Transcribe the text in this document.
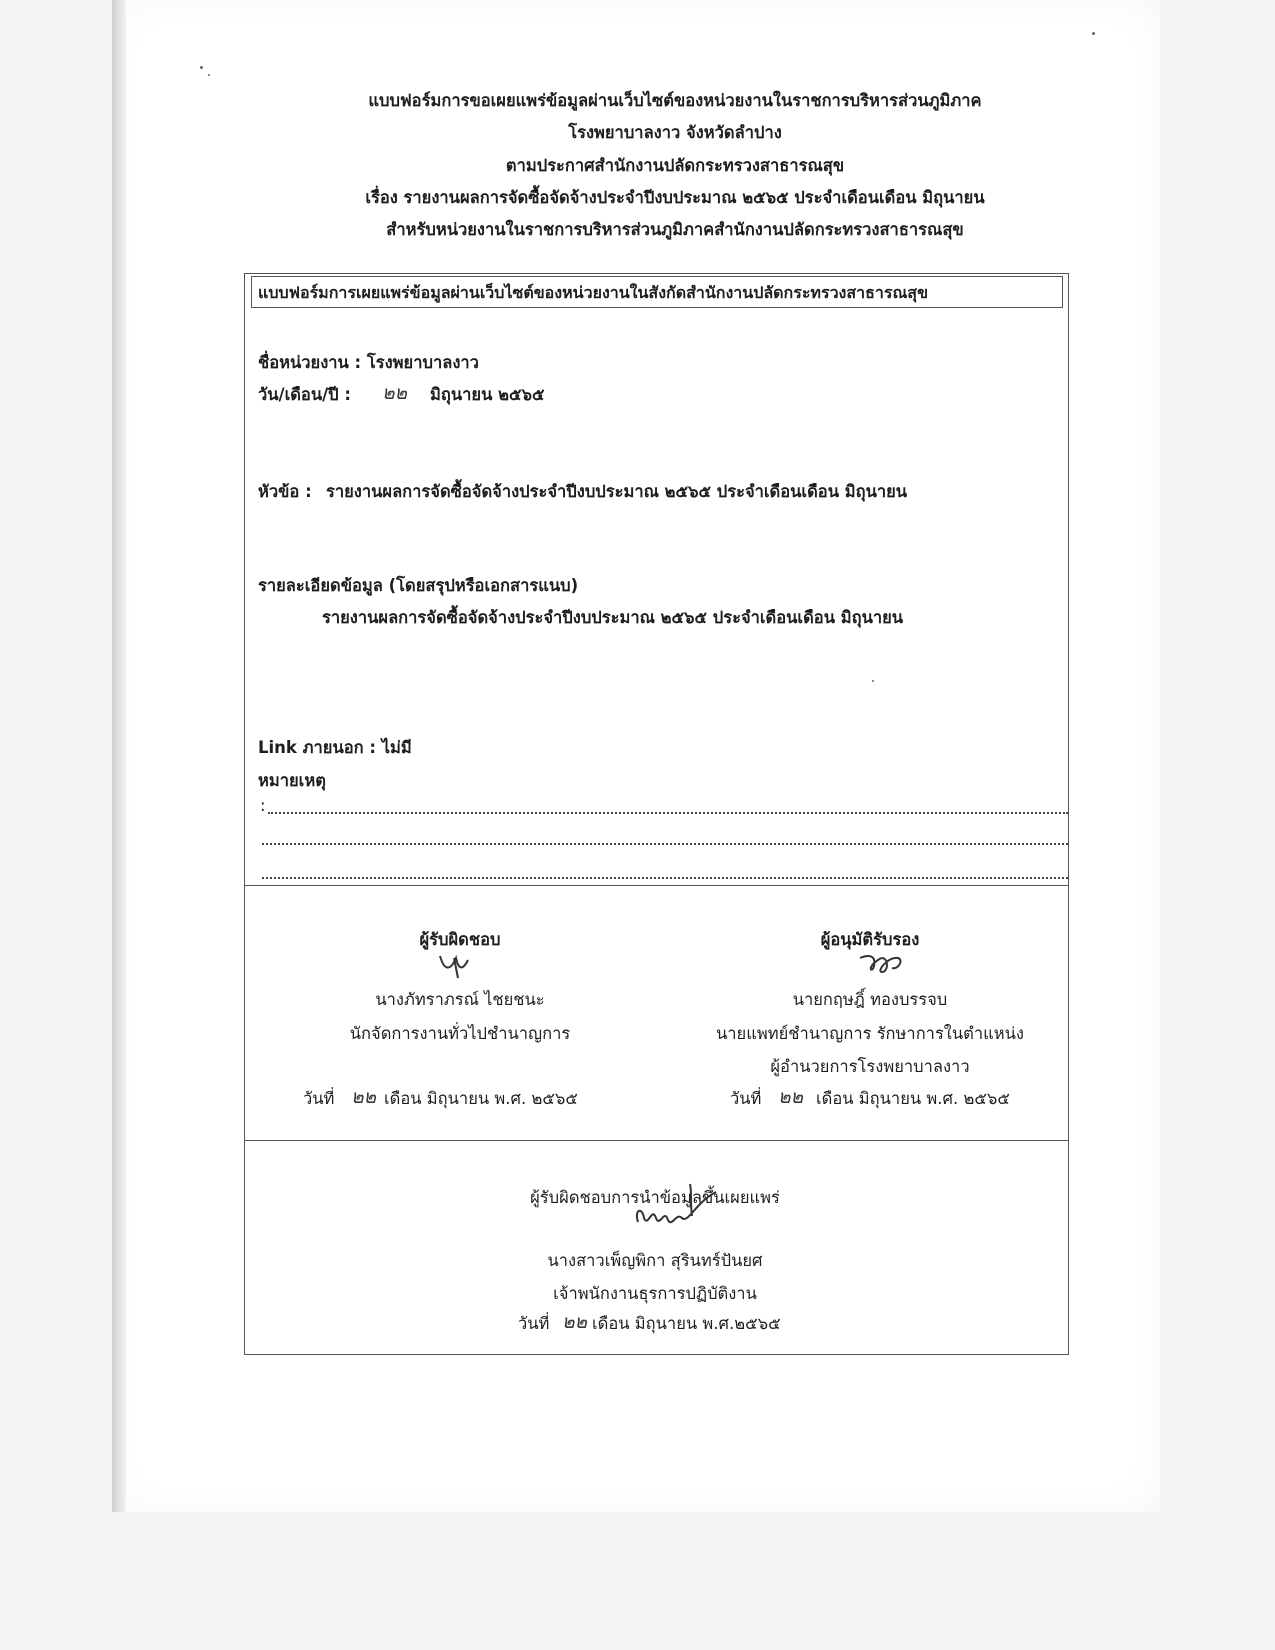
แบบฟอร์มการขอเผยแพร่ข้อมูลผ่านเว็บไซต์ของหน่วยงานในราชการบริหารส่วนภูมิภาค
โรงพยาบาลงาว จังหวัดลำปาง
ตามประกาศสำนักงานปลัดกระทรวงสาธารณสุข
เรื่อง รายงานผลการจัดซื้อจัดจ้างประจำปีงบประมาณ ๒๕๖๕ ประจำเดือนเดือน มิถุนายน
สำหรับหน่วยงานในราชการบริหารส่วนภูมิภาคสำนักงานปลัดกระทรวงสาธารณสุข
แบบฟอร์มการเผยแพร่ข้อมูลผ่านเว็บไซต์ของหน่วยงานในสังกัดสำนักงานปลัดกระทรวงสาธารณสุข
ชื่อหน่วยงาน : โรงพยาบาลงาว
วัน/เดือน/ปี : ๒๒ มิถุนายน ๒๕๖๕
หัวข้อ : รายงานผลการจัดซื้อจัดจ้างประจำปีงบประมาณ ๒๕๖๕ ประจำเดือนเดือน มิถุนายน
รายละเอียดข้อมูล (โดยสรุปหรือเอกสารแนบ)
รายงานผลการจัดซื้อจัดจ้างประจำปีงบประมาณ ๒๕๖๕ ประจำเดือนเดือน มิถุนายน
Link ภายนอก : ไม่มี
หมายเหตุ
:
ผู้รับผิดชอบ
นางภัทราภรณ์ ไชยชนะ
นักจัดการงานทั่วไปชำนาญการ
วันที่ ๒๒ เดือน มิถุนายน พ.ศ. ๒๕๖๕
ผู้อนุมัติรับรอง
นายกฤษฎิ์ ทองบรรจบ
นายแพทย์ชำนาญการ รักษาการในตำแหน่ง
ผู้อำนวยการโรงพยาบาลงาว
วันที่ ๒๒ เดือน มิถุนายน พ.ศ. ๒๕๖๕
ผู้รับผิดชอบการนำข้อมูลขึ้นเผยแพร่
นางสาวเพ็ญพิกา สุรินทร์ปันยศ
เจ้าพนักงานธุรการปฏิบัติงาน
วันที่ ๒๒ เดือน มิถุนายน พ.ศ.๒๕๖๕
